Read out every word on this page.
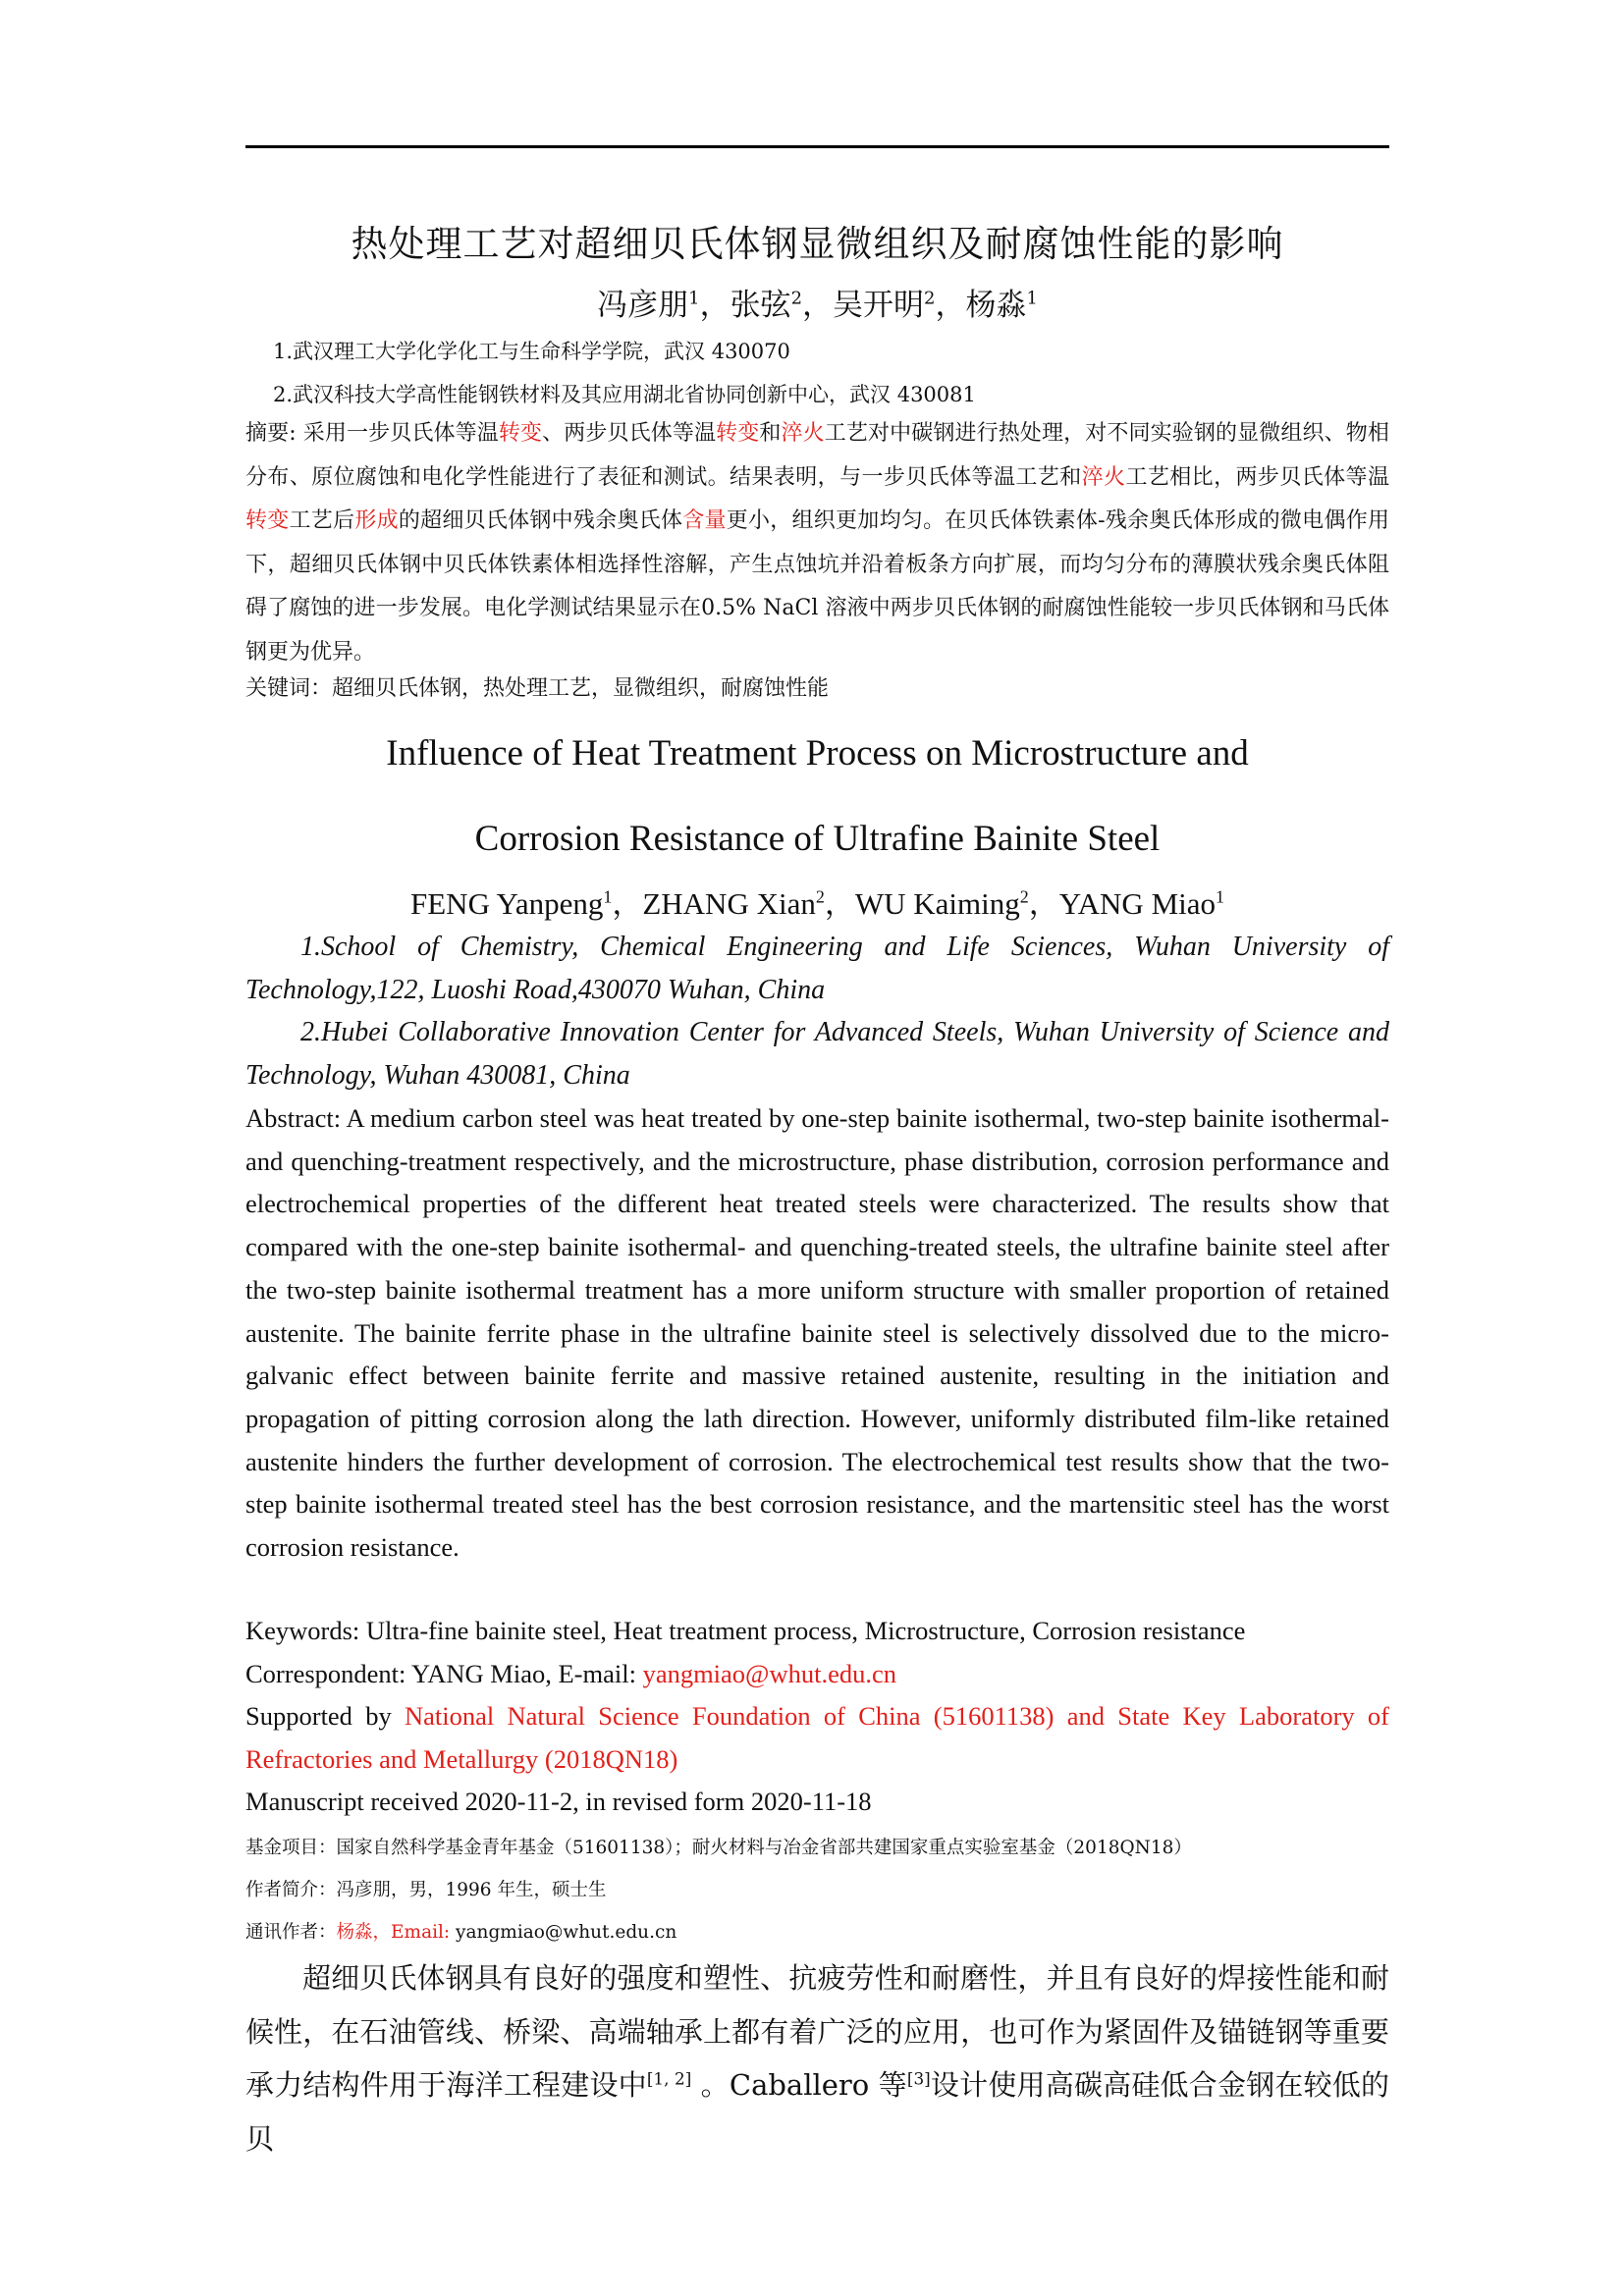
热处理工艺对超细贝氏体钢显微组织及耐腐蚀性能的影响
冯彦朋$^1$，张弦$^2$，吴开明$^2$，杨淼$^1$
1.武汉理工大学化学化工与生命科学学院，武汉 430070
2.武汉科技大学高性能钢铁材料及其应用湖北省协同创新中心，武汉 430081
摘要: 采用一步贝氏体等温转变、两步贝氏体等温转变和淬火工艺对中碳钢进行热处理，对不同实验钢的显微组织、物相分布、原位腐蚀和电化学性能进行了表征和测试。结果表明，与一步贝氏体等温工艺和淬火工艺相比，两步贝氏体等温转变工艺后形成的超细贝氏体钢中残余奥氏体含量更小，组织更加均匀。在贝氏体铁素体-残余奥氏体形成的微电偶作用下，超细贝氏体钢中贝氏体铁素体相选择性溶解，产生点蚀坑并沿着板条方向扩展，而均匀分布的薄膜状残余奥氏体阻碍了腐蚀的进一步发展。电化学测试结果显示在0.5% NaCl 溶液中两步贝氏体钢的耐腐蚀性能较一步贝氏体钢和马氏体钢更为优异。
关键词：超细贝氏体钢，热处理工艺，显微组织，耐腐蚀性能
Influence of Heat Treatment Process on Microstructure and
Corrosion Resistance of Ultrafine Bainite Steel
FENG Yanpeng$^1$，ZHANG Xian$^2$，WU Kaiming$^2$，YANG Miao$^1$
1.School of Chemistry, Chemical Engineering and Life Sciences, Wuhan University of Technology,122, Luoshi Road,430070 Wuhan, China
2.Hubei Collaborative Innovation Center for Advanced Steels, Wuhan University of Science and Technology, Wuhan 430081, China
Abstract: A medium carbon steel was heat treated by one-step bainite isothermal, two-step bainite isothermal- and quenching-treatment respectively, and the microstructure, phase distribution, corrosion performance and electrochemical properties of the different heat treated steels were characterized. The results show that compared with the one-step bainite isothermal- and quenching-treated steels, the ultrafine bainite steel after the two-step bainite isothermal treatment has a more uniform structure with smaller proportion of retained austenite. The bainite ferrite phase in the ultrafine bainite steel is selectively dissolved due to the micro-galvanic effect between bainite ferrite and massive retained austenite, resulting in the initiation and propagation of pitting corrosion along the lath direction. However, uniformly distributed film-like retained austenite hinders the further development of corrosion. The electrochemical test results show that the two-step bainite isothermal treated steel has the best corrosion resistance, and the martensitic steel has the worst corrosion resistance.
Keywords: Ultra-fine bainite steel, Heat treatment process, Microstructure, Corrosion resistance
Correspondent: YANG Miao, E-mail: yangmiao@whut.edu.cn
Supported by National Natural Science Foundation of China (51601138) and State Key Laboratory of Refractories and Metallurgy (2018QN18)
Manuscript received 2020-11-2, in revised form 2020-11-18
基金项目：国家自然科学基金青年基金（51601138）；耐火材料与冶金省部共建国家重点实验室基金（2018QN18）
作者简介：冯彦朋，男，1996 年生，硕士生
通讯作者：杨淼，Email: yangmiao@whut.edu.cn
超细贝氏体钢具有良好的强度和塑性、抗疲劳性和耐磨性，并且有良好的焊接性能和耐候性，在石油管线、桥梁、高端轴承上都有着广泛的应用，也可作为紧固件及锚链钢等重要承力结构件用于海洋工程建设中[1, 2] 。Caballero 等[3]设计使用高碳高硅低合金钢在较低的贝
